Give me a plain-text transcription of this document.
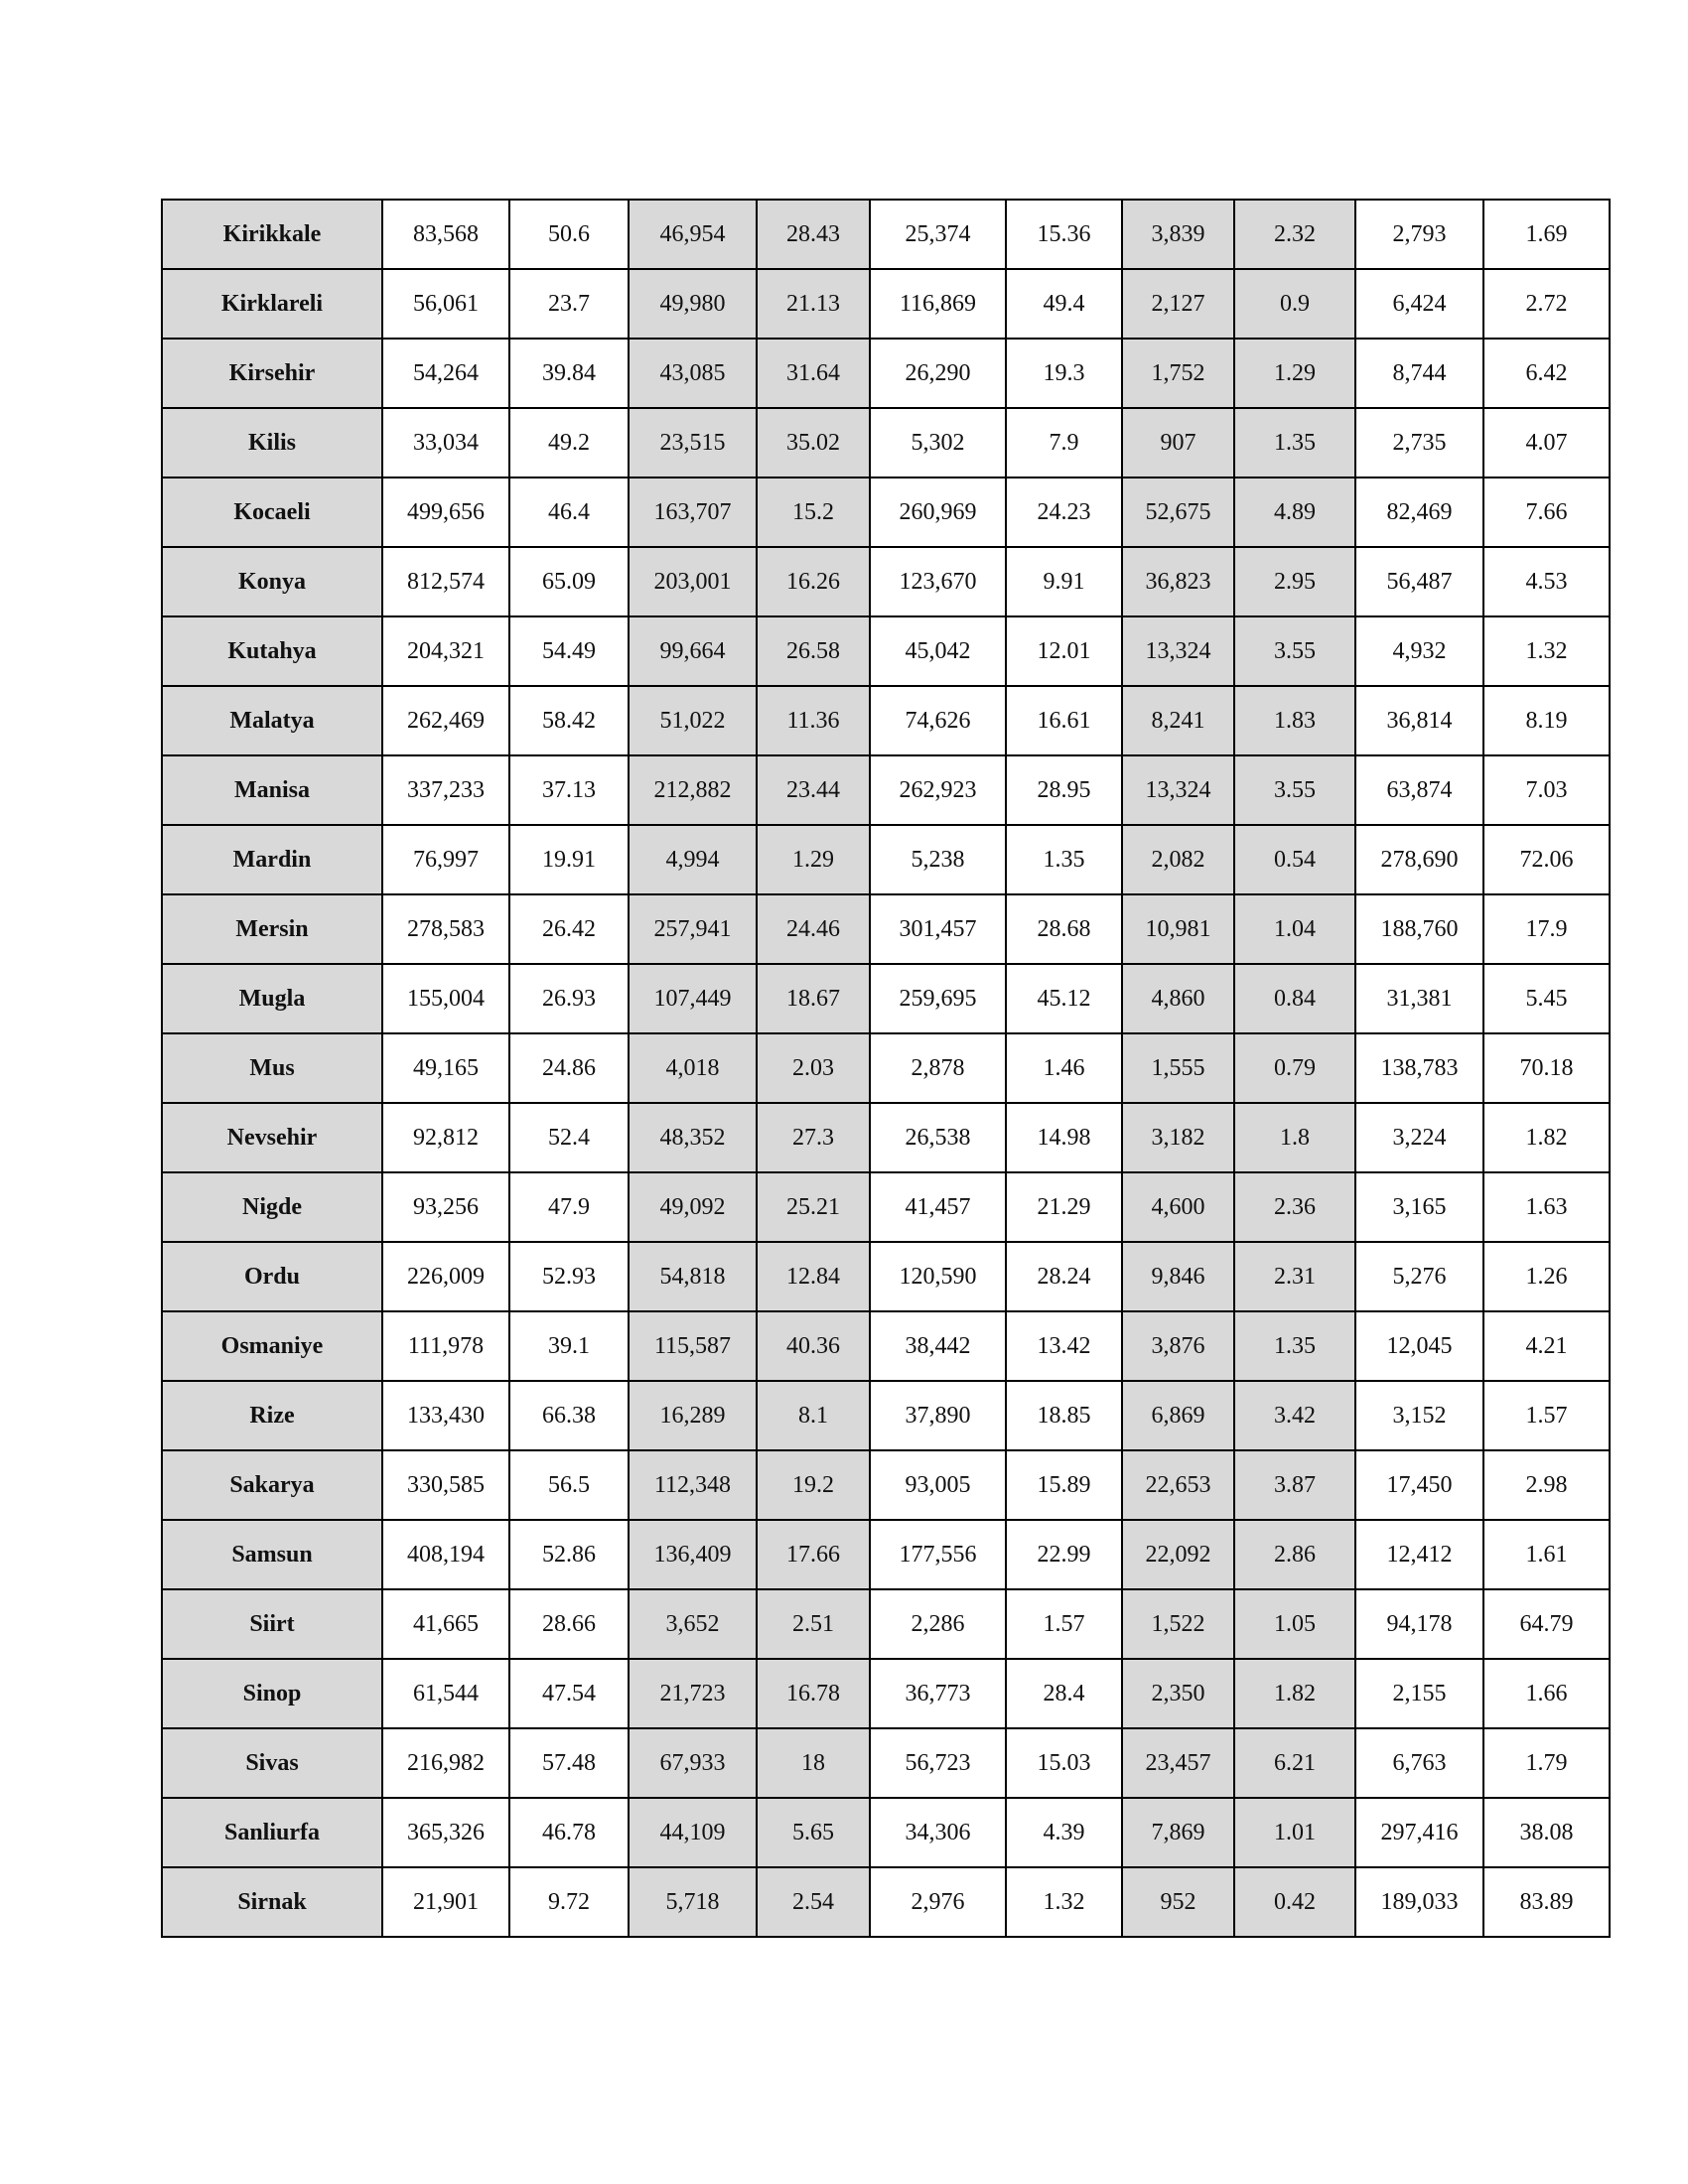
Kirikkale	83,568	50.6	46,954	28.43	25,374	15.36	3,839	2.32	2,793	1.69
Kirklareli	56,061	23.7	49,980	21.13	116,869	49.4	2,127	0.9	6,424	2.72
Kirsehir	54,264	39.84	43,085	31.64	26,290	19.3	1,752	1.29	8,744	6.42
Kilis	33,034	49.2	23,515	35.02	5,302	7.9	907	1.35	2,735	4.07
Kocaeli	499,656	46.4	163,707	15.2	260,969	24.23	52,675	4.89	82,469	7.66
Konya	812,574	65.09	203,001	16.26	123,670	9.91	36,823	2.95	56,487	4.53
Kutahya	204,321	54.49	99,664	26.58	45,042	12.01	13,324	3.55	4,932	1.32
Malatya	262,469	58.42	51,022	11.36	74,626	16.61	8,241	1.83	36,814	8.19
Manisa	337,233	37.13	212,882	23.44	262,923	28.95	13,324	3.55	63,874	7.03
Mardin	76,997	19.91	4,994	1.29	5,238	1.35	2,082	0.54	278,690	72.06
Mersin	278,583	26.42	257,941	24.46	301,457	28.68	10,981	1.04	188,760	17.9
Mugla	155,004	26.93	107,449	18.67	259,695	45.12	4,860	0.84	31,381	5.45
Mus	49,165	24.86	4,018	2.03	2,878	1.46	1,555	0.79	138,783	70.18
Nevsehir	92,812	52.4	48,352	27.3	26,538	14.98	3,182	1.8	3,224	1.82
Nigde	93,256	47.9	49,092	25.21	41,457	21.29	4,600	2.36	3,165	1.63
Ordu	226,009	52.93	54,818	12.84	120,590	28.24	9,846	2.31	5,276	1.26
Osmaniye	111,978	39.1	115,587	40.36	38,442	13.42	3,876	1.35	12,045	4.21
Rize	133,430	66.38	16,289	8.1	37,890	18.85	6,869	3.42	3,152	1.57
Sakarya	330,585	56.5	112,348	19.2	93,005	15.89	22,653	3.87	17,450	2.98
Samsun	408,194	52.86	136,409	17.66	177,556	22.99	22,092	2.86	12,412	1.61
Siirt	41,665	28.66	3,652	2.51	2,286	1.57	1,522	1.05	94,178	64.79
Sinop	61,544	47.54	21,723	16.78	36,773	28.4	2,350	1.82	2,155	1.66
Sivas	216,982	57.48	67,933	18	56,723	15.03	23,457	6.21	6,763	1.79
Sanliurfa	365,326	46.78	44,109	5.65	34,306	4.39	7,869	1.01	297,416	38.08
Sirnak	21,901	9.72	5,718	2.54	2,976	1.32	952	0.42	189,033	83.89
